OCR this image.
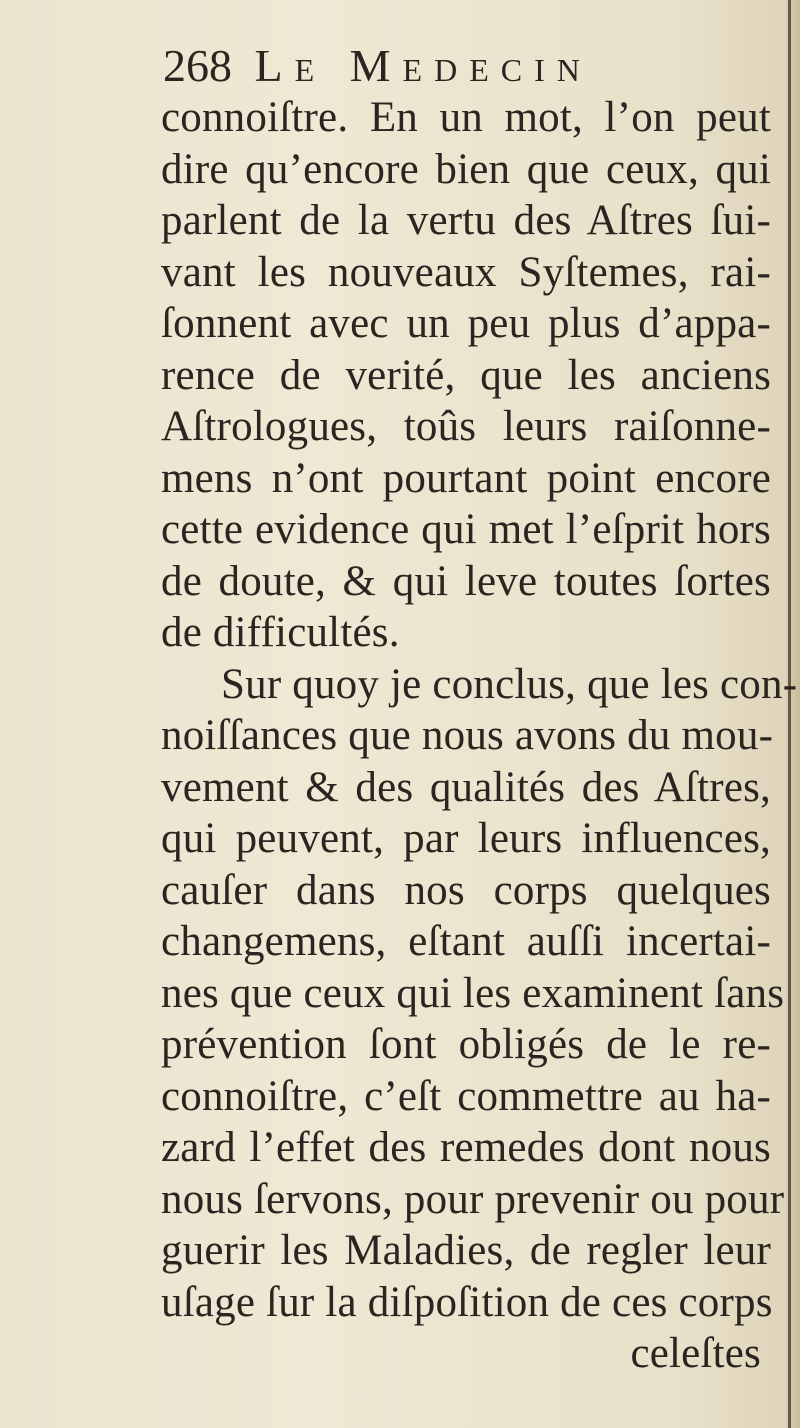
268 Le Medecin
connoiſtre. En un mot, l’on peut
dire qu’encore bien que ceux, qui
parlent de la vertu des Aſtres ſui-
vant les nouveaux Syſtemes, rai-
ſonnent avec un peu plus d’appa-
rence de verité, que les anciens
Aſtrologues, toûs leurs raiſonne-
mens n’ont pourtant point encore
cette evidence qui met l’eſprit hors
de doute, & qui leve toutes ſortes
de difficultés.
Sur quoy je conclus, que les con-
noiſſances que nous avons du mou-
vement & des qualités des Aſtres,
qui peuvent, par leurs influences,
cauſer dans nos corps quelques
changemens, eſtant auſſi incertai-
nes que ceux qui les examinent ſans
prévention ſont obligés de le re-
connoiſtre, c’eſt commettre au ha-
zard l’effet des remedes dont nous
nous ſervons, pour prevenir ou pour
guerir les Maladies, de regler leur
uſage ſur la diſpoſition de ces corps
celeſtes
